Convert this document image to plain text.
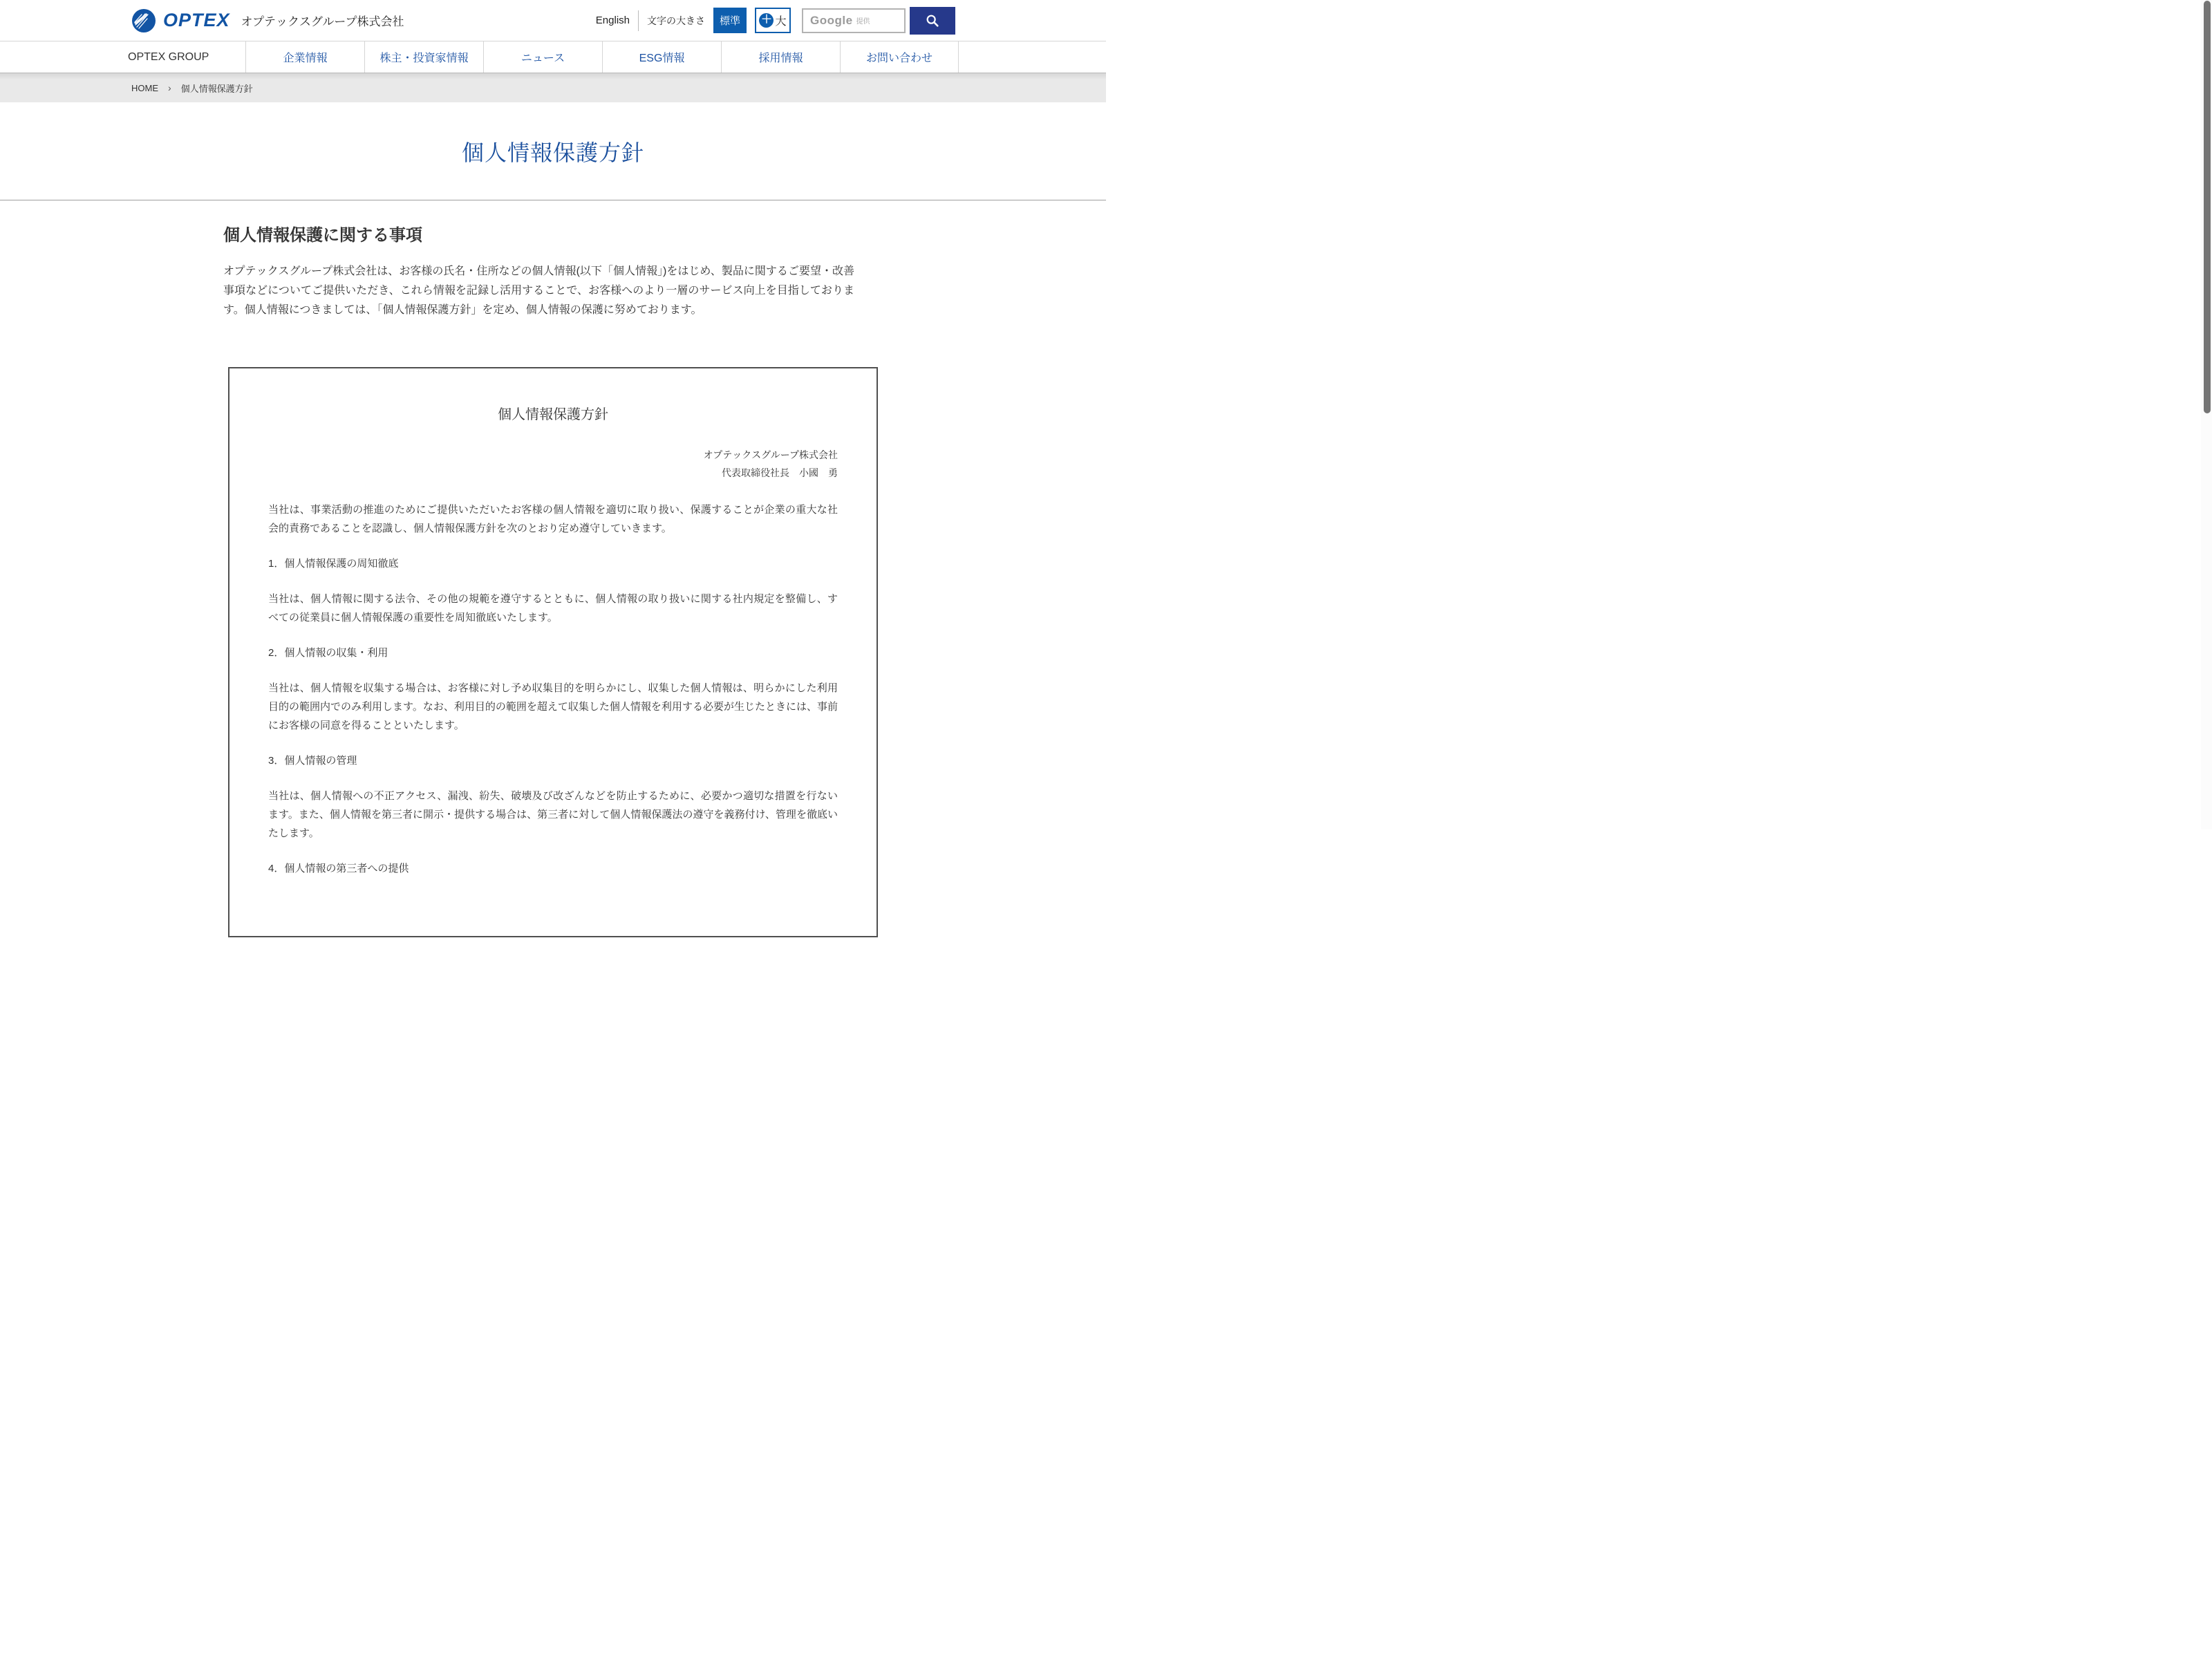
OPTEX オプテックスグループ株式会社	English 文字の大きさ	標準	＋ 大 Google 提供
OPTEX GROUP	企業情報	株主・投資家情報	ニュース	ESG情報	採用情報	お問い合わせ
HOME › 個人情報保護方針
個人情報保護方針
個人情報保護に関する事項

オプテックスグループ株式会社は、お客様の氏名・住所などの個人情報(以下「個人情報」)をはじめ、製品に関するご要望・改善事項などについてご提供いただき、これら情報を記録し活用することで、お客様へのより一層のサービス向上を目指しております。個人情報につきましては、「個人情報保護方針」を定め、個人情報の保護に努めております。

個人情報保護方針
オプテックスグループ株式会社
代表取締役社長　小國　勇

当社は、事業活動の推進のためにご提供いただいたお客様の個人情報を適切に取り扱い、保護することが企業の重大な社会的責務であることを認識し、個人情報保護方針を次のとおり定め遵守していきます。

1．個人情報保護の周知徹底

当社は、個人情報に関する法令、その他の規範を遵守するとともに、個人情報の取り扱いに関する社内規定を整備し、すべての従業員に個人情報保護の重要性を周知徹底いたします。

2．個人情報の収集・利用

当社は、個人情報を収集する場合は、お客様に対し予め収集目的を明らかにし、収集した個人情報は、明らかにした利用目的の範囲内でのみ利用します。なお、利用目的の範囲を超えて収集した個人情報を利用する必要が生じたときには、事前にお客様の同意を得ることといたします。

3．個人情報の管理

当社は、個人情報への不正アクセス、漏洩、紛失、破壊及び改ざんなどを防止するために、必要かつ適切な措置を行ないます。また、個人情報を第三者に開示・提供する場合は、第三者に対して個人情報保護法の遵守を義務付け、管理を徹底いたします。

4．個人情報の第三者への提供
